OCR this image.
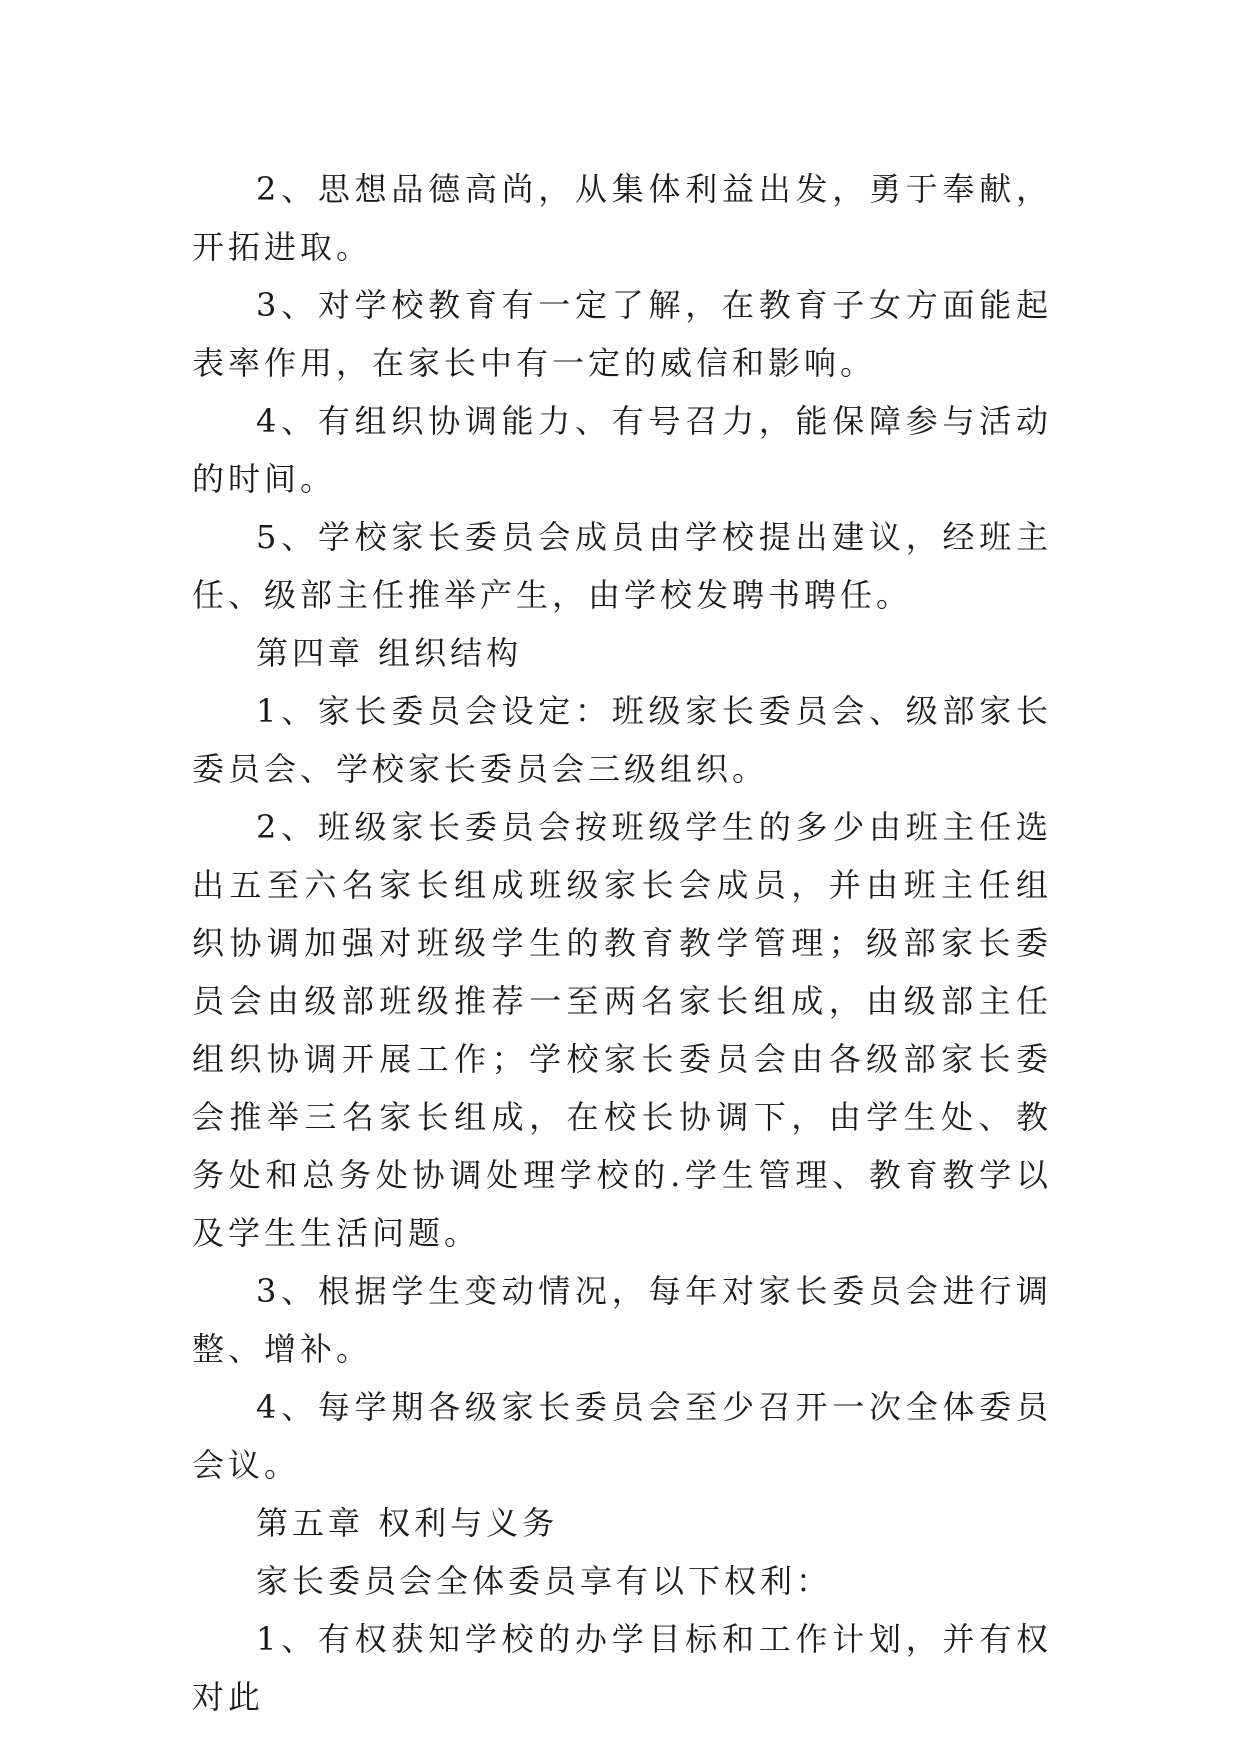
2、思想品德高尚，从集体利益出发，勇于奉献，开拓进取。

3、对学校教育有一定了解，在教育子女方面能起表率作用，在家长中有一定的威信和影响。

4、有组织协调能力、有号召力，能保障参与活动的时间。

5、学校家长委员会成员由学校提出建议，经班主任、级部主任推举产生，由学校发聘书聘任。

第四章 组织结构

1、家长委员会设定：班级家长委员会、级部家长委员会、学校家长委员会三级组织。

2、班级家长委员会按班级学生的多少由班主任选出五至六名家长组成班级家长会成员，并由班主任组织协调加强对班级学生的教育教学管理；级部家长委员会由级部班级推荐一至两名家长组成，由级部主任组织协调开展工作；学校家长委员会由各级部家长委会推举三名家长组成，在校长协调下，由学生处、教务处和总务处协调处理学校的.学生管理、教育教学以及学生生活问题。

3、根据学生变动情况，每年对家长委员会进行调整、增补。

4、每学期各级家长委员会至少召开一次全体委员会议。

第五章 权利与义务

家长委员会全体委员享有以下权利：

1、有权获知学校的办学目标和工作计划，并有权对此
